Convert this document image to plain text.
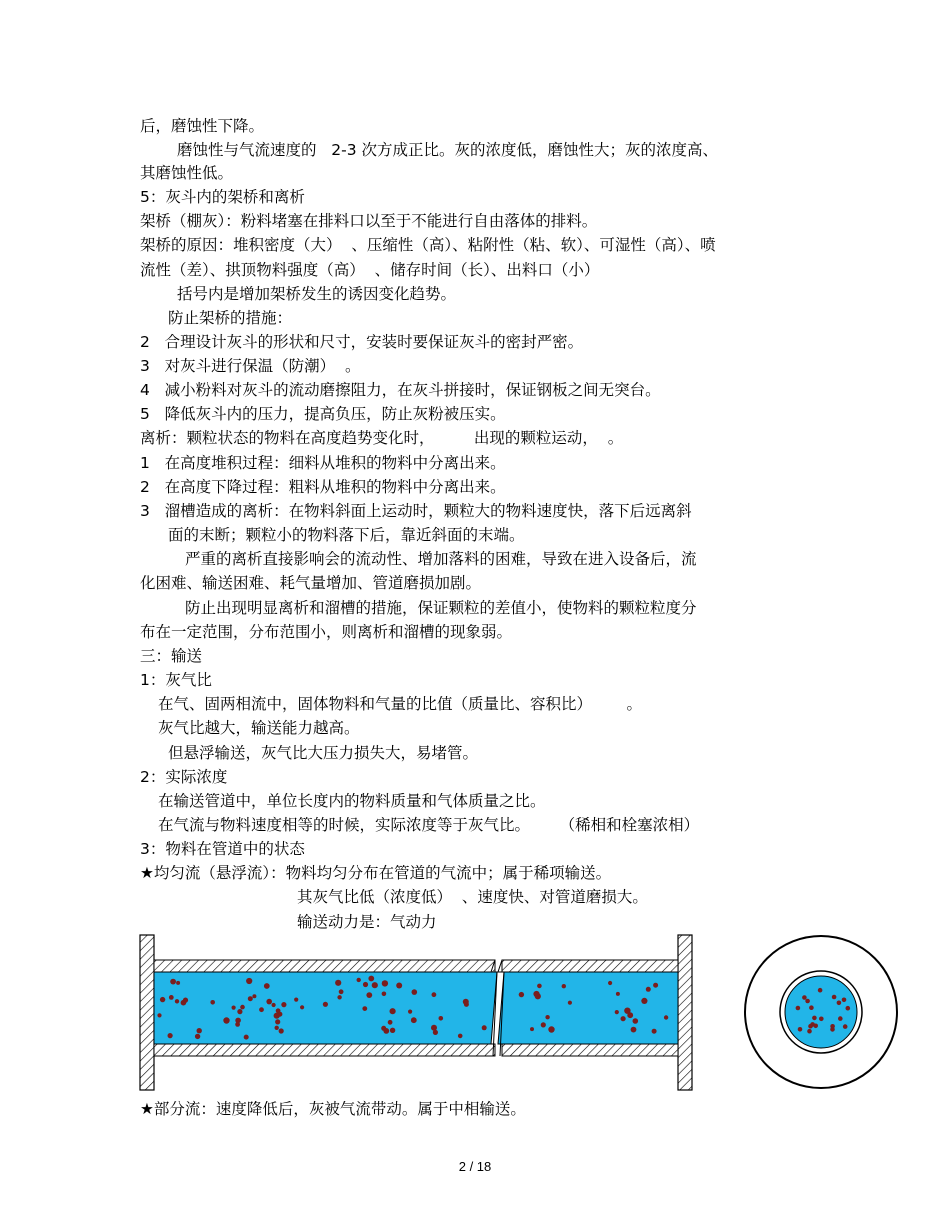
后，磨蚀性下降。
磨蚀性与气流速度的   2-3 次方成正比。灰的浓度低，磨蚀性大；灰的浓度高、
其磨蚀性低。
5：灰斗内的架桥和离析
架桥（棚灰）：粉料堵塞在排料口以至于不能进行自由落体的排料。
架桥的原因：堆积密度（大）  、压缩性（高）、粘附性（粘、软）、可湿性（高）、喷
流性（差）、拱顶物料强度（高）  、储存时间（长）、出料口（小）
括号内是增加架桥发生的诱因变化趋势。
防止架桥的措施：
2   合理设计灰斗的形状和尺寸，安装时要保证灰斗的密封严密。
3   对灰斗进行保温（防潮）  。
4   减小粉料对灰斗的流动磨擦阻力，在灰斗拼接时，保证钢板之间无突台。
5   降低灰斗内的压力，提高负压，防止灰粉被压实。
离析：颗粒状态的物料在高度趋势变化时，        出现的颗粒运动，  。
1   在高度堆积过程：细料从堆积的物料中分离出来。
2   在高度下降过程：粗料从堆积的物料中分离出来。
3   溜槽造成的离析：在物料斜面上运动时，颗粒大的物料速度快，落下后远离斜
面的末断；颗粒小的物料落下后，靠近斜面的末端。
严重的离析直接影响会的流动性、增加落料的困难，导致在进入设备后，流
化困难、输送困难、耗气量增加、管道磨损加剧。
防止出现明显离析和溜槽的措施，保证颗粒的差值小，使物料的颗粒粒度分
布在一定范围，分布范围小，则离析和溜槽的现象弱。
三：输送
1：灰气比
在气、固两相流中，固体物料和气量的比值（质量比、容积比）       。
灰气比越大，输送能力越高。
但悬浮输送，灰气比大压力损失大，易堵管。
2：实际浓度
在输送管道中，单位长度内的物料质量和气体质量之比。
在气流与物料速度相等的时候，实际浓度等于灰气比。      （稀相和栓塞浓相）
3：物料在管道中的状态
★均匀流（悬浮流）：物料均匀分布在管道的气流中；属于稀项输送。
其灰气比低（浓度低）  、速度快、对管道磨损大。
输送动力是：气动力
★部分流：速度降低后，灰被气流带动。属于中相输送。
2 / 18
